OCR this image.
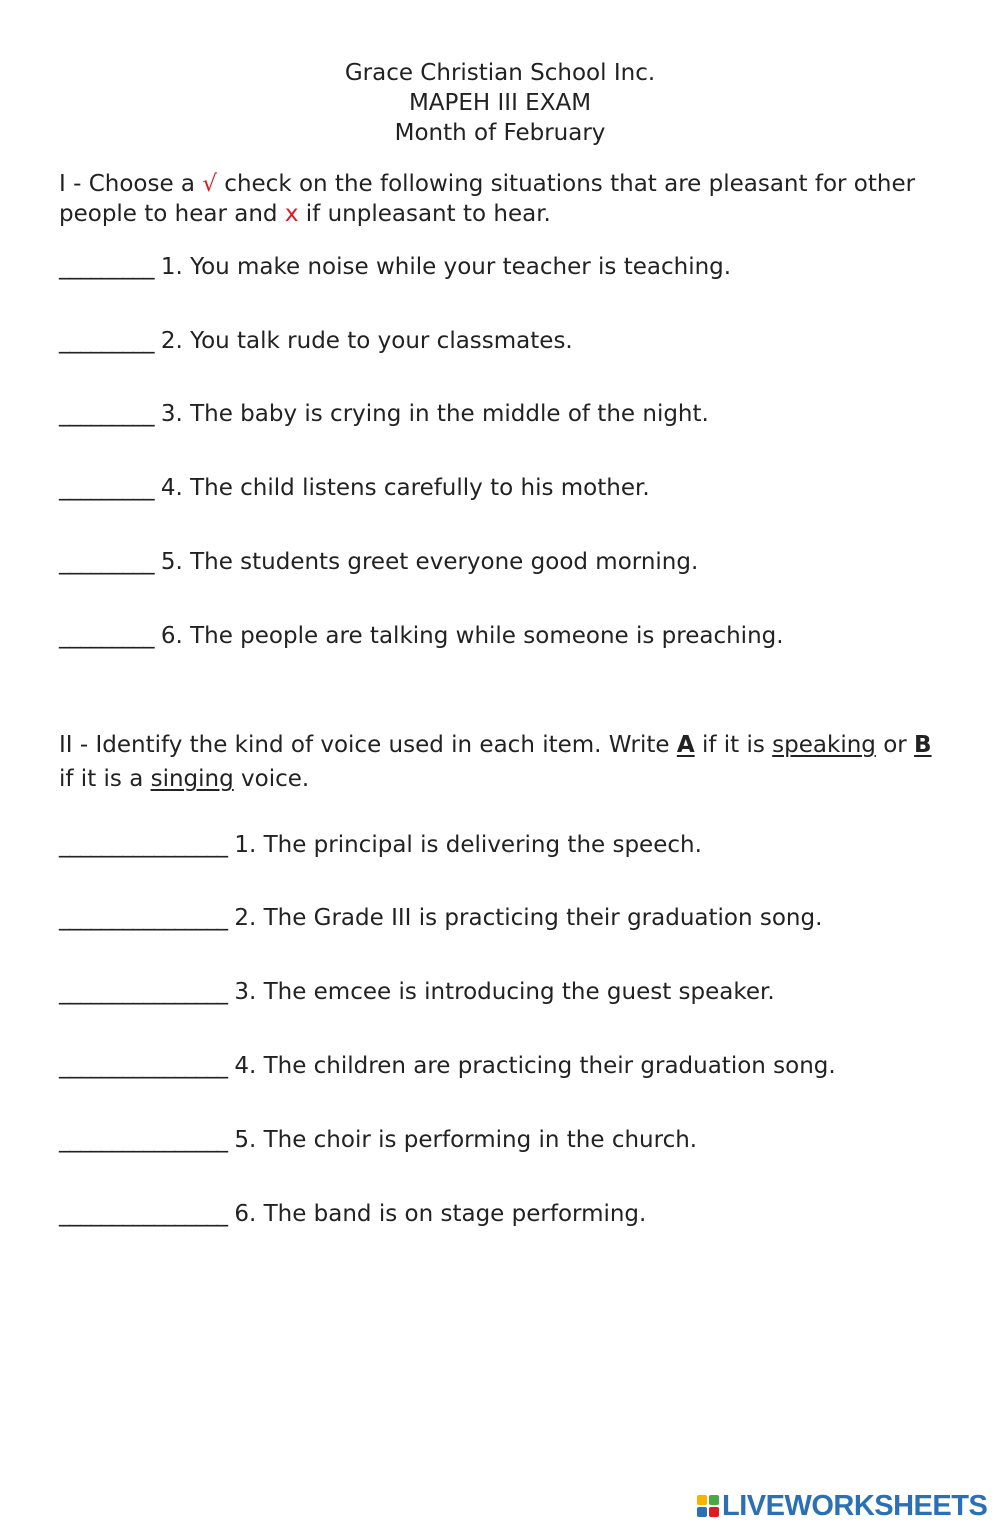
Grace Christian School Inc.
MAPEH III EXAM
Month of February
I - Choose a √ check on the following situations that are pleasant for other people to hear and x if unpleasant to hear.
_________ 1. You make noise while your teacher is teaching.
_________ 2. You talk rude to your classmates.
_________ 3. The baby is crying in the middle of the night.
_________ 4. The child listens carefully to his mother.
_________ 5. The students greet everyone good morning.
_________ 6. The people are talking while someone is preaching.
II - Identify the kind of voice used in each item. Write A if it is speaking or B if it is a singing voice.
________________ 1. The principal is delivering the speech.
________________ 2. The Grade III is practicing their graduation song.
________________ 3. The emcee is introducing the guest speaker.
________________ 4. The children are practicing their graduation song.
________________ 5. The choir is performing in the church.
________________ 6. The band is on stage performing.
LIVEWORKSHEETS
